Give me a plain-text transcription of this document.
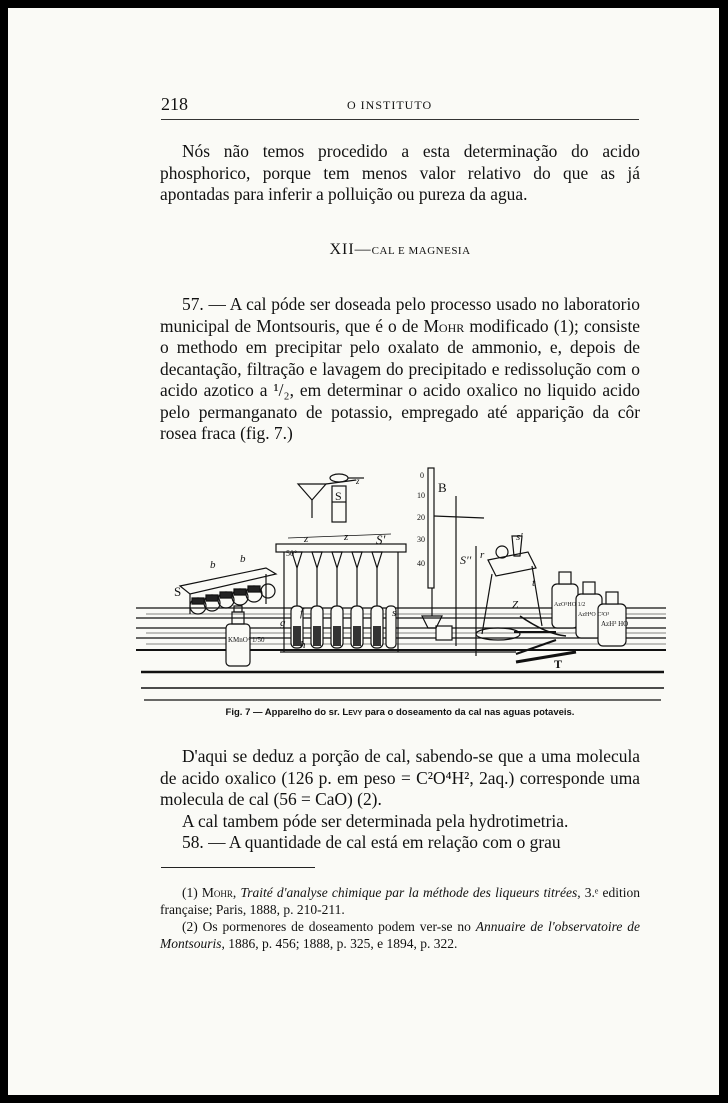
218	O INSTITUTO
Nós não temos procedido a esta determinação do acido phosphorico, porque tem menos valor relativo do que as já apontadas para inferir a polluição ou pureza da agua.
XII—CAL E MAGNESIA
57. — A cal póde ser doseada pelo processo usado no laboratorio municipal de Montsouris, que é o de Mohr modificado (1); consiste o methodo em precipitar pelo oxalato de ammonio, e, depois de decantação, filtração e lavagem do precipitado e redissolução com o acido azotico a ¹/₂, em determinar o acido oxalico no liquido acido pelo permanganato de potassio, empregado até apparição da côr rosea fraca (fig. 7.)
S
b b
z	z S'
z
S
50°
B
0
10
20
30
40	S''
s'
r
t
Z
T
s
f
g
h
KMnO⁴ 1/50
AzO⁵HO 1/2
AzH⁴O C²O³
AzH³ HO
Fig. 7 — Apparelho do sr. Levy para o doseamento da cal nas aguas potaveis.

D'aqui se deduz a porção de cal, sabendo-se que a uma molecula de acido oxalico (126 p. em peso = C²O⁴H², 2aq.) corresponde uma molecula de cal (56 = CaO) (2).

A cal tambem póde ser determinada pela hydrotimetria.

58. — A quantidade de cal está em relação com o grau

(1) Mohr, Traité d'analyse chimique par la méthode des liqueurs titrées, 3.ᵉ edition française; Paris, 1888, p. 210-211.

(2) Os pormenores de doseamento podem ver-se no Annuaire de l'observatoire de Montsouris, 1886, p. 456; 1888, p. 325, e 1894, p. 322.
